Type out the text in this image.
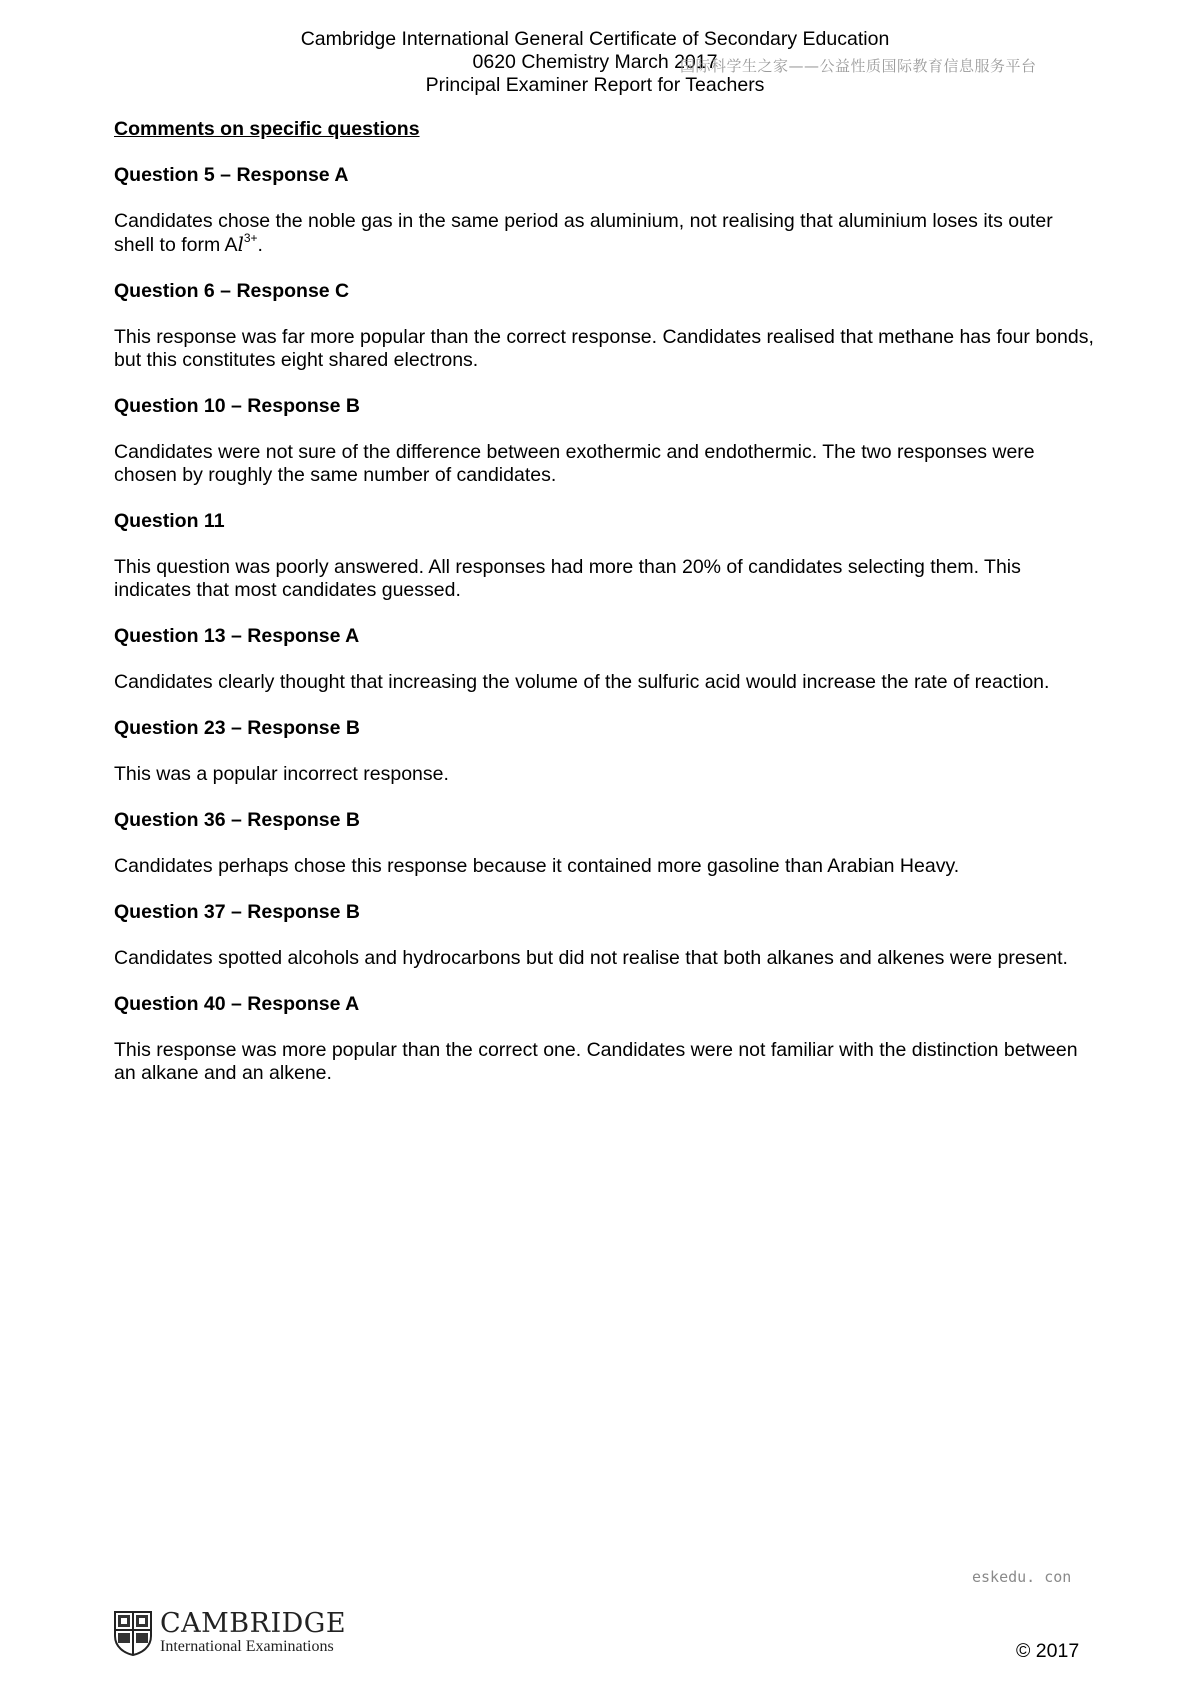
Cambridge International General Certificate of Secondary Education
0620 Chemistry March 2017
Principal Examiner Report for Teachers
国际科学生之家——公益性质国际教育信息服务平台

Comments on specific questions

Question 5 – Response A

Candidates chose the noble gas in the same period as aluminium, not realising that aluminium loses its outer shell to form $Al^{3+}$.

Question 6 – Response C

This response was far more popular than the correct response. Candidates realised that methane has four bonds, but this constitutes eight shared electrons.

Question 10 – Response B

Candidates were not sure of the difference between exothermic and endothermic. The two responses were chosen by roughly the same number of candidates.

Question 11

This question was poorly answered. All responses had more than 20% of candidates selecting them. This indicates that most candidates guessed.

Question 13 – Response A

Candidates clearly thought that increasing the volume of the sulfuric acid would increase the rate of reaction.

Question 23 – Response B

This was a popular incorrect response.

Question 36 – Response B

Candidates perhaps chose this response because it contained more gasoline than Arabian Heavy.

Question 37 – Response B

Candidates spotted alcohols and hydrocarbons but did not realise that both alkanes and alkenes were present.

Question 40 – Response A

This response was more popular than the correct one. Candidates were not familiar with the distinction between an alkane and an alkene.

eskedu. con
CAMBRIDGE
International Examinations	© 2017
